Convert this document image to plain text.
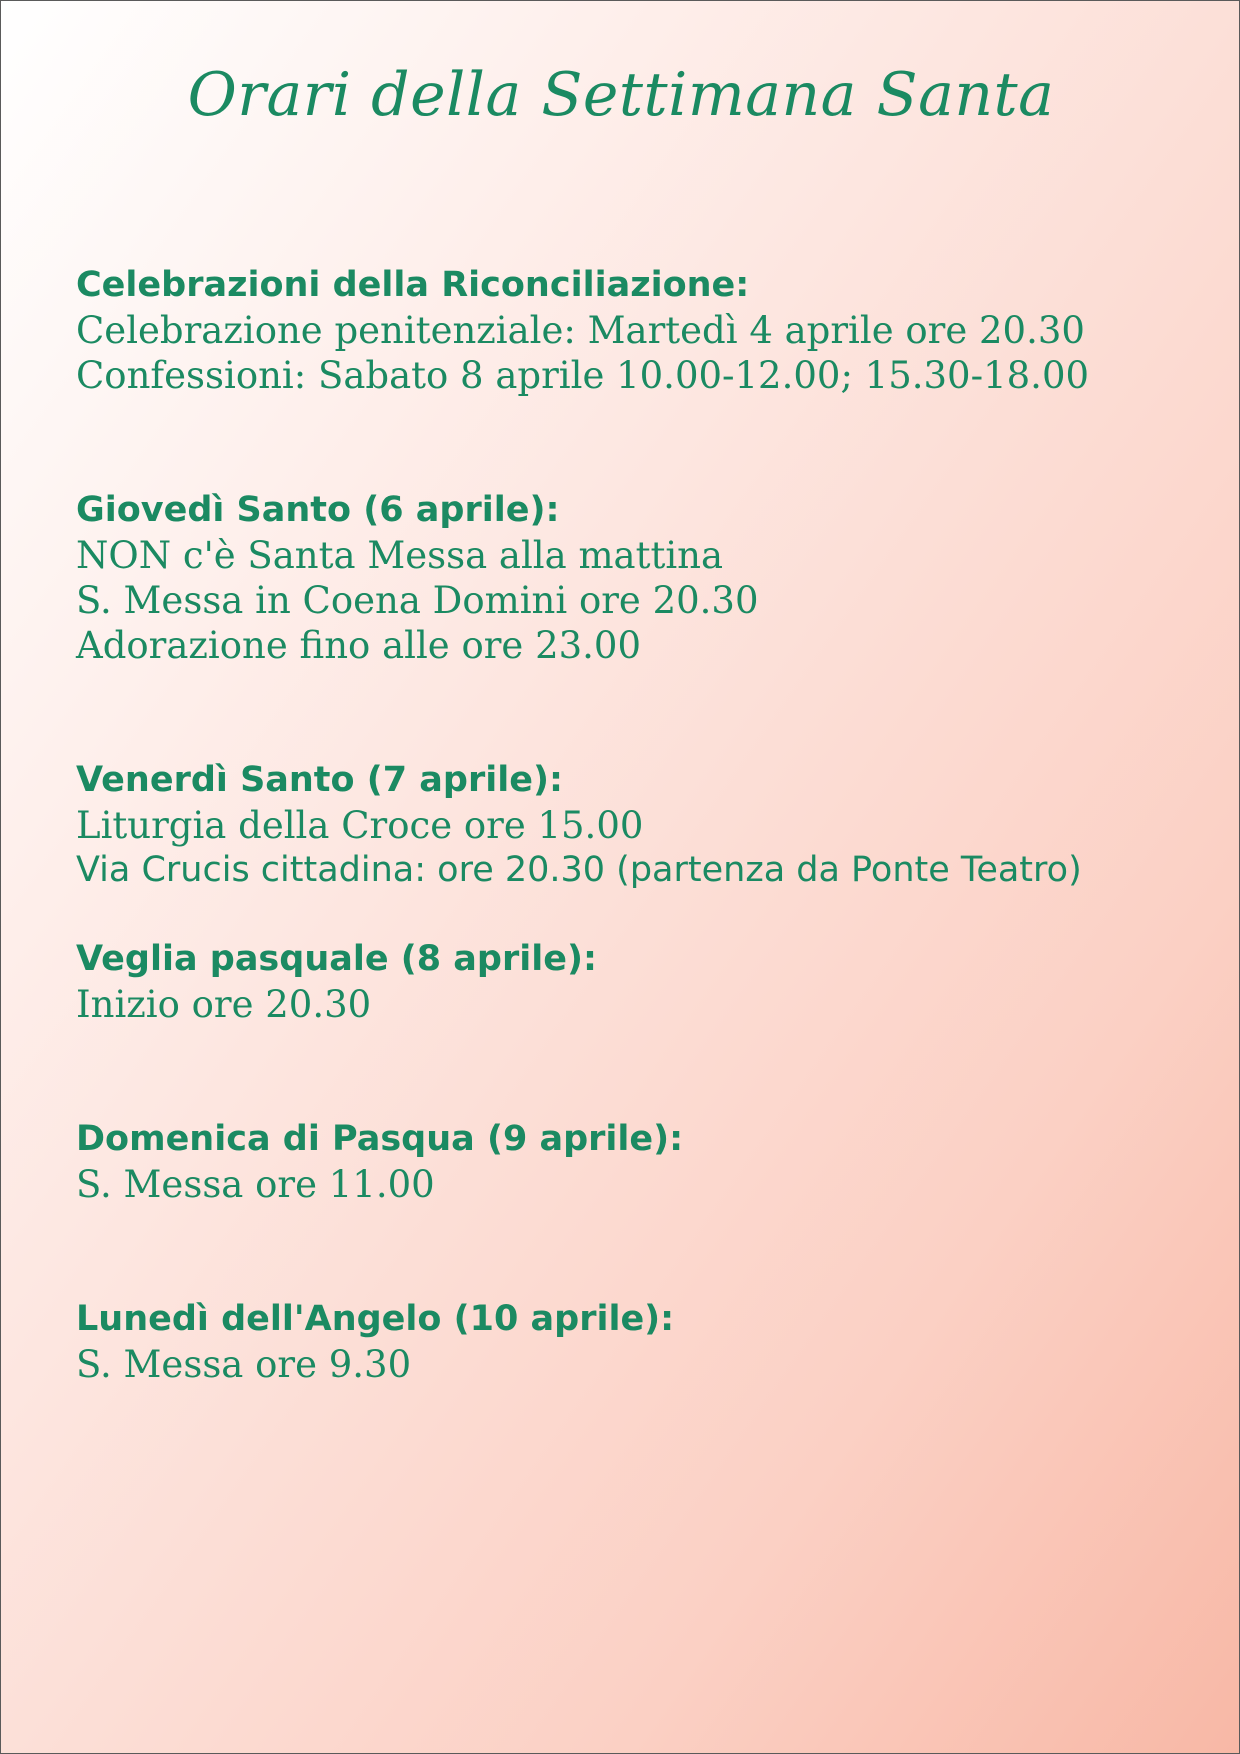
Orari della Settimana Santa
Celebrazioni della Riconciliazione:
Celebrazione penitenziale: Martedì 4 aprile ore 20.30
Confessioni: Sabato 8 aprile 10.00-12.00; 15.30-18.00
Giovedì Santo (6 aprile):
NON c'è Santa Messa alla mattina
S. Messa in Coena Domini ore 20.30
Adorazione fino alle ore 23.00
Venerdì Santo (7 aprile):
Liturgia della Croce ore 15.00
Via Crucis cittadina: ore 20.30 (partenza da Ponte Teatro)
Veglia pasquale (8 aprile):
Inizio ore 20.30
Domenica di Pasqua (9 aprile):
S. Messa ore 11.00
Lunedì dell'Angelo (10 aprile):
S. Messa ore 9.30
